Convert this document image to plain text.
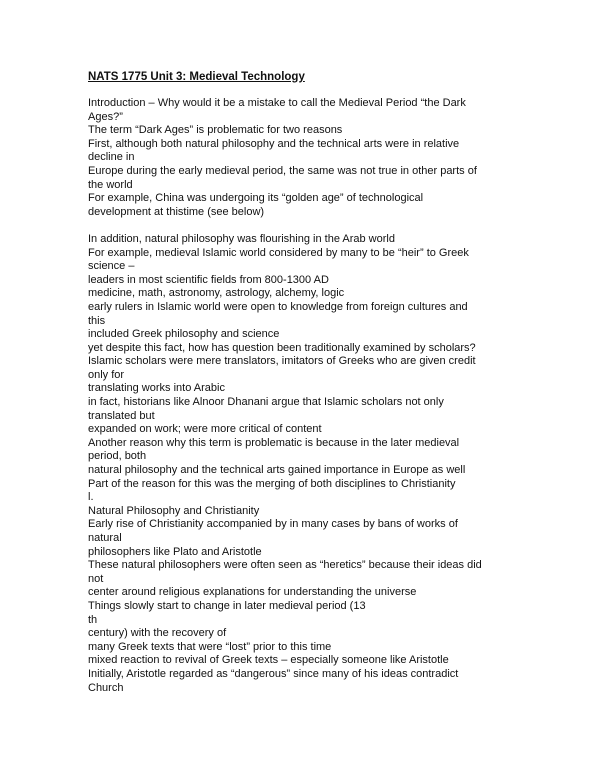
NATS 1775 Unit 3: Medieval Technology
Introduction – Why would it be a mistake to call the Medieval Period “the Dark
Ages?”
The term “Dark Ages” is problematic for two reasons
First, although both natural philosophy and the technical arts were in relative
decline in
Europe during the early medieval period, the same was not true in other parts of
the world
For example, China was undergoing its “golden age” of technological
development at thistime (see below)
In addition, natural philosophy was flourishing in the Arab world
For example, medieval Islamic world considered by many to be “heir” to Greek
science –
leaders in most scientific fields from 800-1300 AD
medicine, math, astronomy, astrology, alchemy, logic
early rulers in Islamic world were open to knowledge from foreign cultures and
this
included Greek philosophy and science
yet despite this fact, how has question been traditionally examined by scholars?
Islamic scholars were mere translators, imitators of Greeks who are given credit
only for
translating works into Arabic
in fact, historians like Alnoor Dhanani argue that Islamic scholars not only
translated but
expanded on work; were more critical of content
Another reason why this term is problematic is because in the later medieval
period, both
natural philosophy and the technical arts gained importance in Europe as well
Part of the reason for this was the merging of both disciplines to Christianity
l.
Natural Philosophy and Christianity
Early rise of Christianity accompanied by in many cases by bans of works of
natural
philosophers like Plato and Aristotle
These natural philosophers were often seen as “heretics” because their ideas did
not
center around religious explanations for understanding the universe
Things slowly start to change in later medieval period (13
th
century) with the recovery of
many Greek texts that were “lost” prior to this time
mixed reaction to revival of Greek texts – especially someone like Aristotle
Initially, Aristotle regarded as “dangerous” since many of his ideas contradict
Church
